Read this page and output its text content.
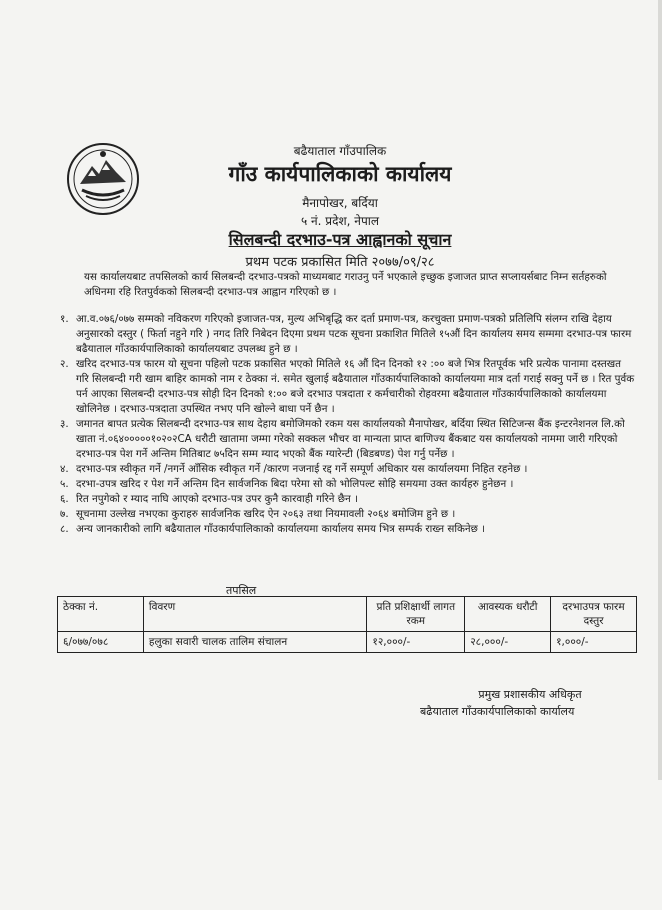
बढैयाताल गाँउपालिक
गाँउ कार्यपालिकाको कार्यालय
मैनापोखर, बर्दिया
५ नं. प्रदेश, नेपाल
सिलबन्दी दरभाउ-पत्र आह्वानको सूचान
प्रथम पटक प्रकासित मिति २०७७/०९/२८
यस कार्यालयबाट तपसिलको कार्य सिलबन्दी दरभाउ-पत्रको माध्यमबाट गराउनु पर्ने भएकाले इच्छुक इजाजत प्राप्त सप्लायर्सबाट निम्न सर्तहरुको अधिनमा रहि रितपुर्वकको सिलबन्दी दरभाउ-पत्र आह्वान गरिएको छ ।
१. आ.व.०७६/०७७ सम्मको नविकरण गरिएको इजाजत-पत्र, मुल्य अभिबृद्धि कर दर्ता प्रमाण-पत्र, करचुक्ता प्रमाण-पत्रको प्रतिलिपि संलग्न राखि देहाय अनुसारको दस्तुर ( फिर्ता नहुने गरि ) नगद तिरि निबेदन दिएमा प्रथम पटक सूचना प्रकाशित मितिले १५औं दिन कार्यालय समय सम्ममा दरभाउ-पत्र फारम बढैयाताल गाँउकार्यपालिकाको कार्यालयबाट उपलब्ध हुने छ ।
२. खरिद दरभाउ-पत्र फारम यो सूचना पहिलो पटक प्रकासित भएको मितिले १६ औं दिन दिनको १२ :०० बजे भित्र रितपूर्वक भरि प्रत्येक पानामा दस्तखत गरि सिलबन्दी गरी खाम बाहिर कामको नाम र ठेक्का नं. समेत खुलाई बढैयाताल गाँउकार्यपालिकाको कार्यालयमा मात्र दर्ता गराई सक्नु पर्ने छ । रित पुर्वक पर्न आएका सिलबन्दी दरभाउ-पत्र सोही दिन दिनको १:०० बजे दरभाउ पत्रदाता र कर्मचारीको रोहवरमा बढैयाताल गाँउकार्यपालिकाको कार्यालयमा खोलिनेछ । दरभाउ-पत्रदाता उपस्थित नभए पनि खोल्ने बाधा पर्ने छैन ।
३. जमानत बापत प्रत्येक सिलबन्दी दरभाउ-पत्र साथ देहाय बमोजिमको रकम यस कार्यालयको मैनापोखर, बर्दिया स्थित सिटिजन्स बैंक इन्टरनेशनल लि.को खाता नं.०६४०००००१०२०२CA धरौटी खातामा जम्मा गरेको सक्कल भौचर वा मान्यता प्राप्त बाणिज्य बैंकबाट यस कार्यालयको नाममा जारी गरिएको दरभाउ-पत्र पेश गर्ने अन्तिम मितिबाट ७५दिन सम्म म्याद भएको बैंक ग्यारेन्टी (बिडबण्ड) पेश गर्नु पर्नेछ ।
४. दरभाउ-पत्र स्वीकृत गर्ने /नगर्ने आँसिक स्वीकृत गर्ने /कारण नजनाई रद्द गर्ने सम्पूर्ण अधिकार यस कार्यालयमा निहित रहनेछ ।
५. दरभा-उपत्र खरिद र पेश गर्ने अन्तिम दिन सार्वजनिक बिदा परेमा सो को भोलिपल्ट सोहि समयमा उक्त कार्यहरु हुनेछन ।
६. रित नपुगेको र म्याद नाघि आएको दरभाउ-पत्र उपर कुनै कारवाही गरिने छैन ।
७. सूचनामा उल्लेख नभएका कुराहरु सार्वजनिक खरिद ऐन २०६३ तथा नियमावली २०६४ बमोजिम हुने छ ।
८. अन्य जानकारीको लागि बढैयाताल गाँउकार्यपालिकाको कार्यालयमा कार्यालय समय भित्र सम्पर्क राख्न सकिनेछ ।
तपसिल
ठेक्का नं.	विवरण	प्रति प्रशिक्षार्थी लागत रकम	आवस्यक धरौटी	दरभाउपत्र फारम दस्तुर
६/०७७/०७८	हलुका सवारी चालक तालिम संचालन	१२,०००/-	२८,०००/-	१,०००/-
प्रमुख प्रशासकीय अधिकृत
बढैयाताल गाँउकार्यपालिकाको कार्यालय
